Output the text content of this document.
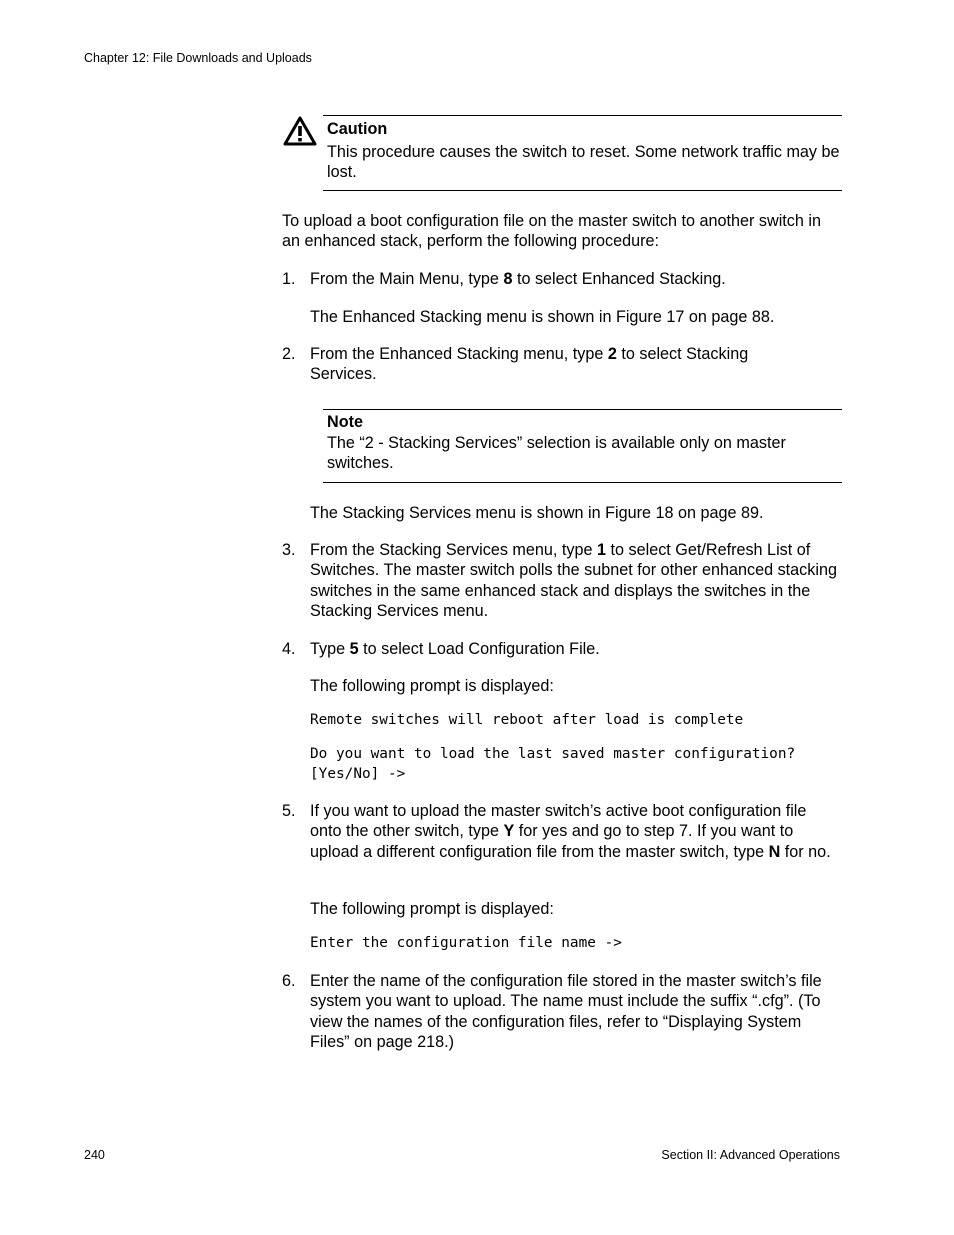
Chapter 12: File Downloads and Uploads
Caution
This procedure causes the switch to reset. Some network traffic may be lost.
To upload a boot configuration file on the master switch to another switch in an enhanced stack, perform the following procedure:
1. From the Main Menu, type 8 to select Enhanced Stacking.
The Enhanced Stacking menu is shown in Figure 17 on page 88.
2. From the Enhanced Stacking menu, type 2 to select Stacking Services.
Note
The “2 - Stacking Services” selection is available only on master switches.
The Stacking Services menu is shown in Figure 18 on page 89.
3. From the Stacking Services menu, type 1 to select Get/Refresh List of Switches. The master switch polls the subnet for other enhanced stacking switches in the same enhanced stack and displays the switches in the Stacking Services menu.
4. Type 5 to select Load Configuration File.
The following prompt is displayed:
Remote switches will reboot after load is complete
Do you want to load the last saved master configuration?
[Yes/No] ->
5. If you want to upload the master switch’s active boot configuration file onto the other switch, type Y for yes and go to step 7. If you want to upload a different configuration file from the master switch, type N for no.
The following prompt is displayed:
Enter the configuration file name ->
6. Enter the name of the configuration file stored in the master switch’s file system you want to upload. The name must include the suffix “.cfg”. (To view the names of the configuration files, refer to “Displaying System Files” on page 218.)
240	Section II: Advanced Operations
